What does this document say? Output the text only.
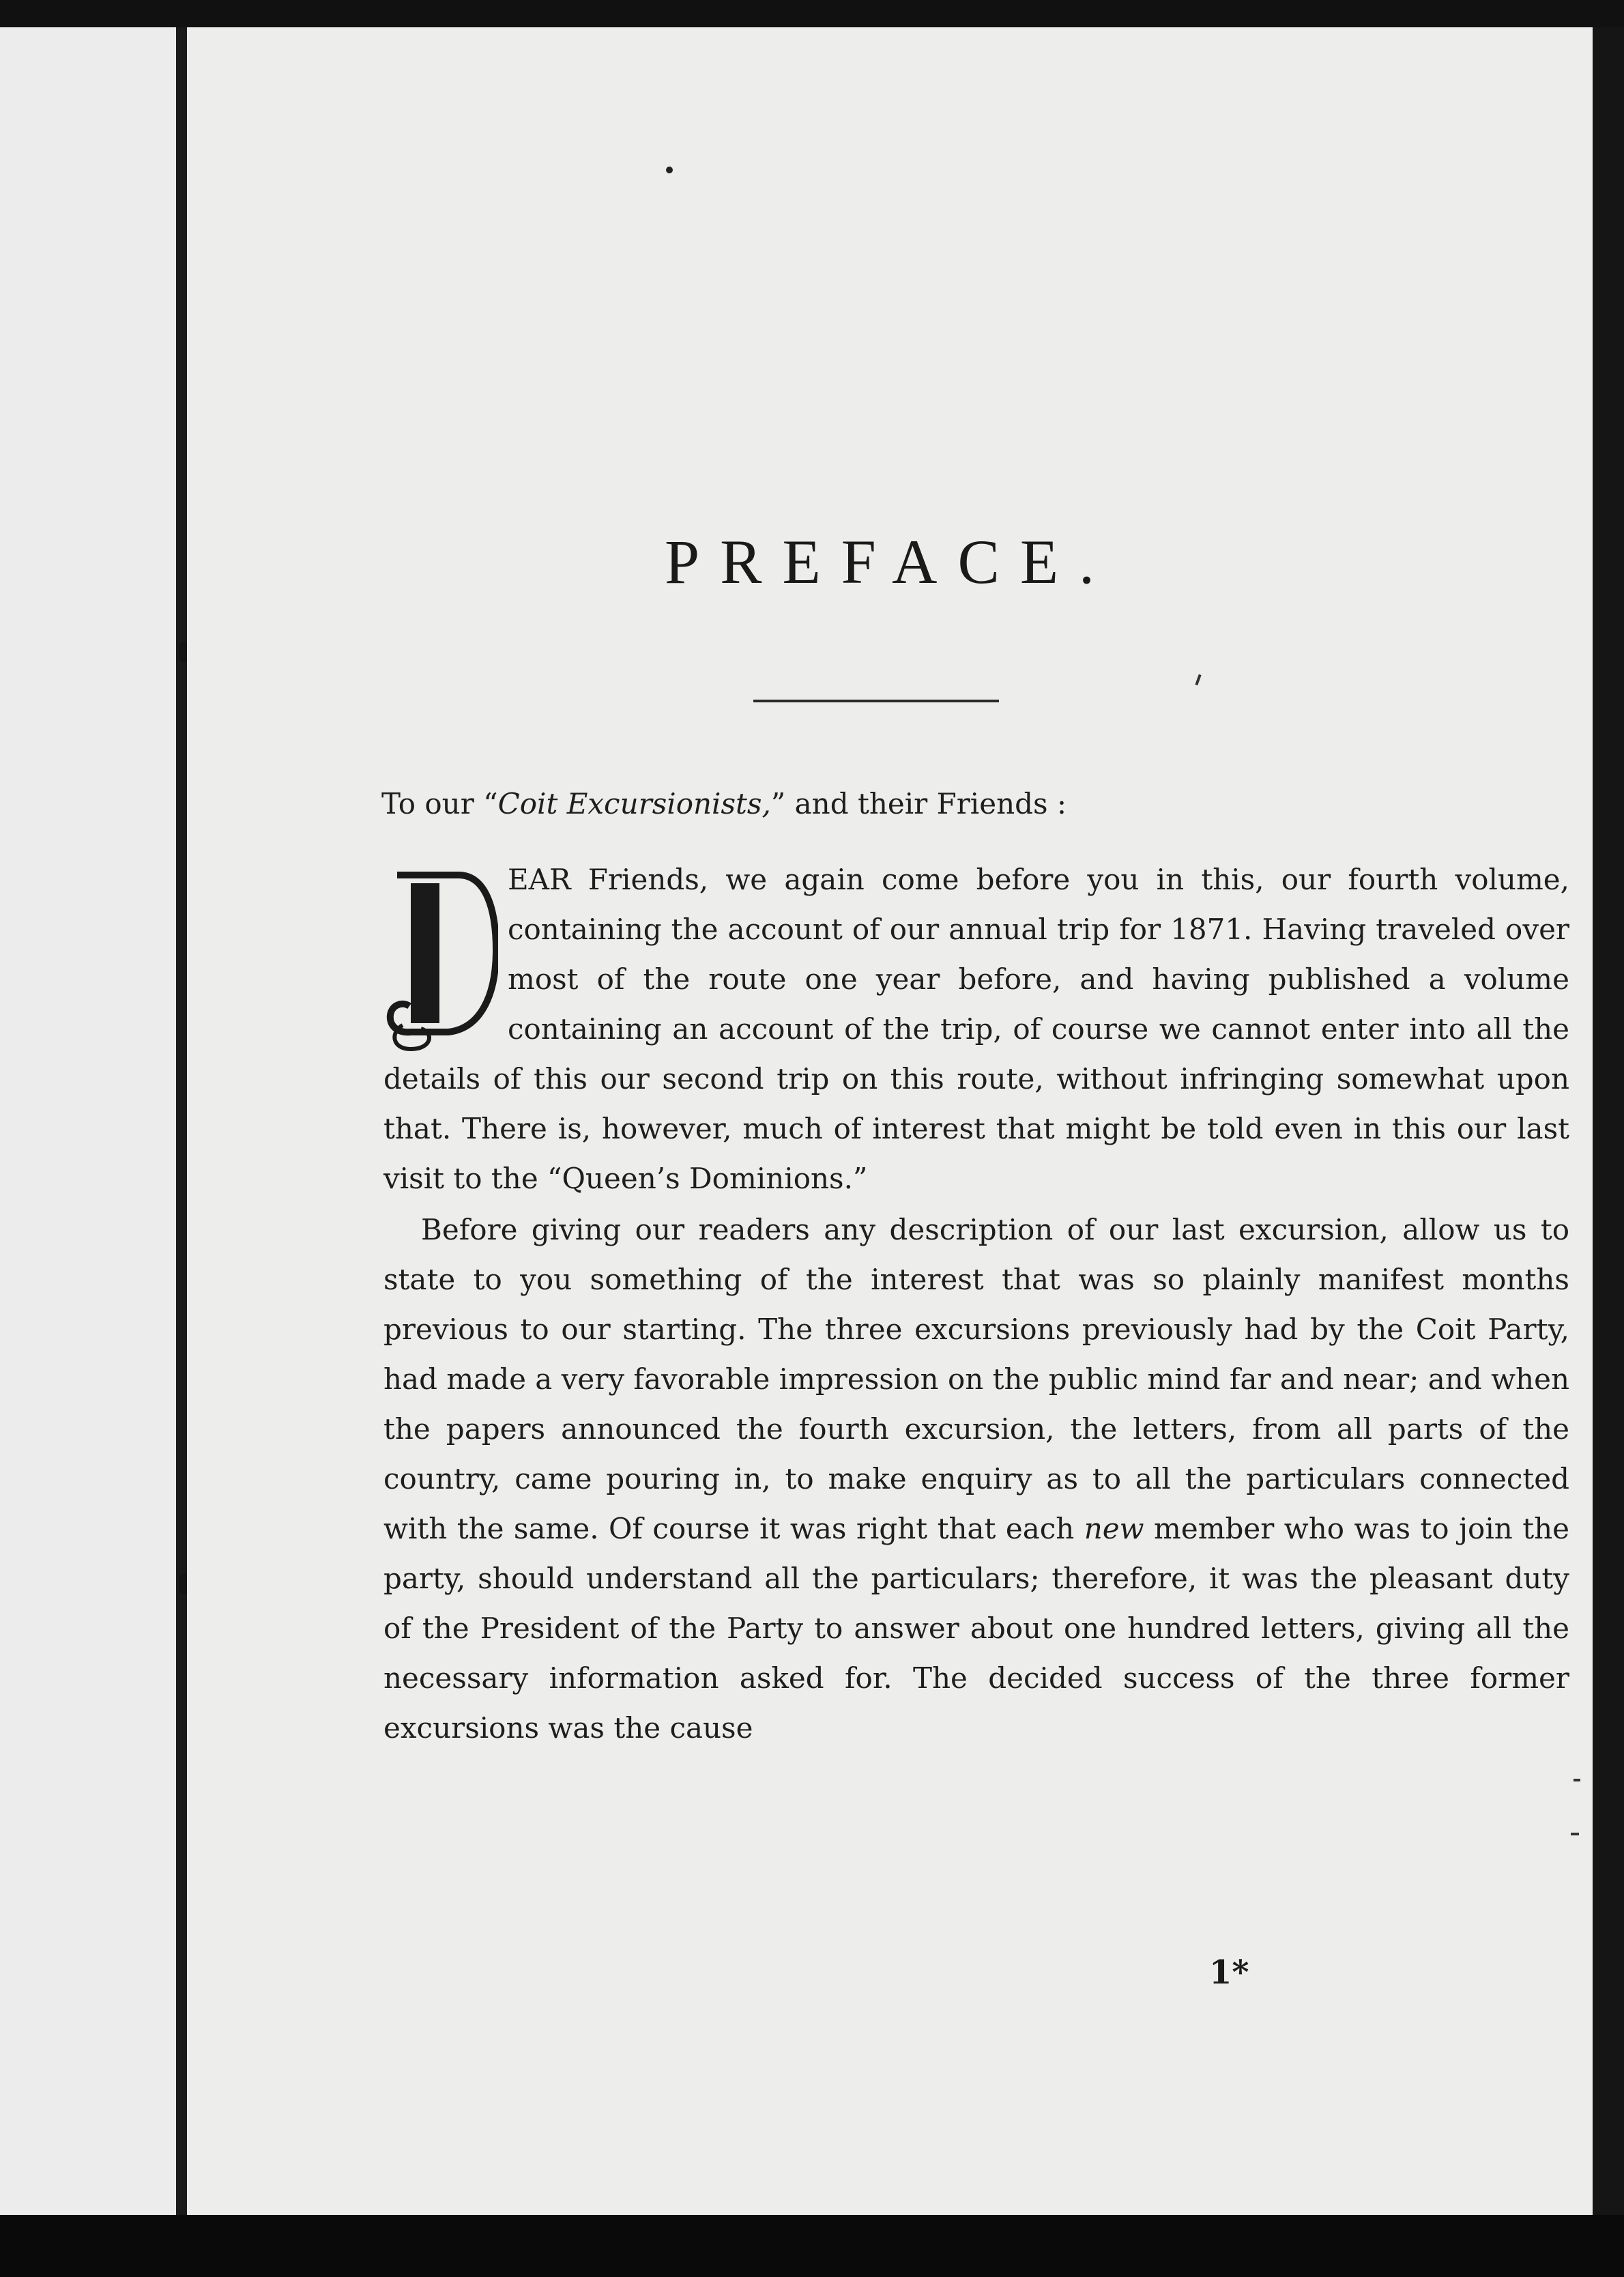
PREFACE.
To our “Coit Excursionists,” and their Friends :

EAR Friends, we again come before you in this, our fourth volume, containing the account of our annual trip for 1871. Having traveled over most of the route one year before, and having published a volume containing an account of the trip, of course we cannot enter into all the details of this our second trip on this route, without infringing somewhat upon that. There is, however, much of interest that might be told even in this our last visit to the “Queen’s Dominions.”

Before giving our readers any description of our last excursion, allow us to state to you something of the interest that was so plainly manifest months previous to our starting. The three excursions previously had by the Coit Party, had made a very favorable impression on the public mind far and near; and when the papers announced the fourth excursion, the letters, from all parts of the country, came pouring in, to make enquiry as to all the particulars connected with the same. Of course it was right that each new member who was to join the party, should understand all the particulars; therefore, it was the pleasant duty of the President of the Party to answer about one hundred letters, giving all the necessary information asked for. The decided success of the three former excursions was the cause

1*
